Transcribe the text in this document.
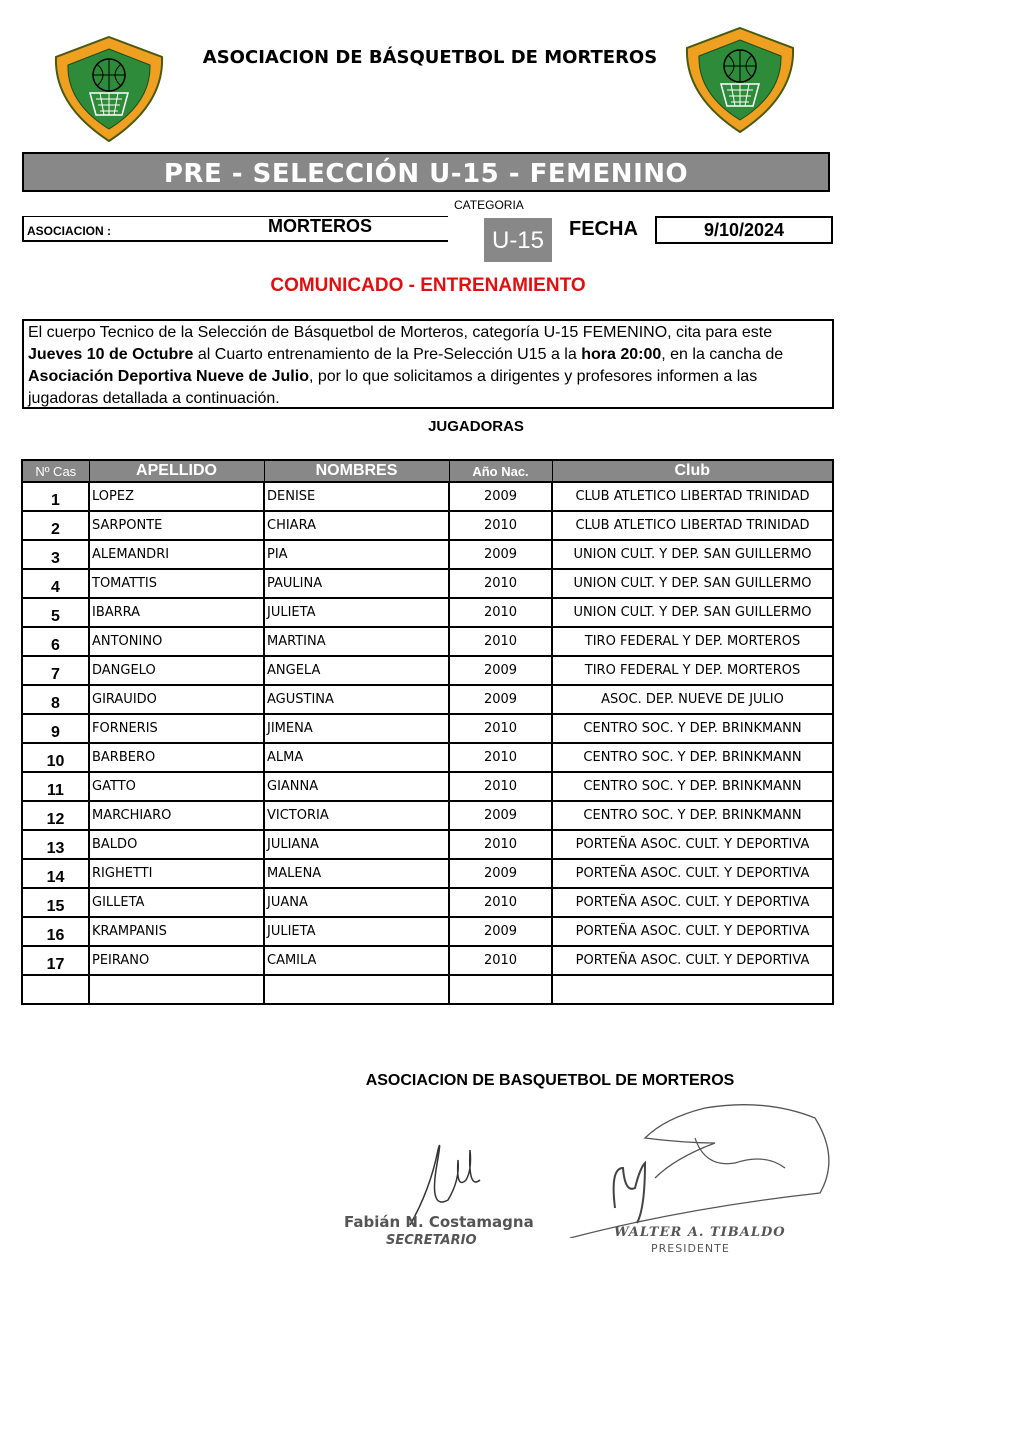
ASOCIACION DE BÁSQUETBOL DE MORTEROS
PRE - SELECCIÓN U-15 - FEMENINO
CATEGORIA
ASOCIACION :	MORTEROS
U-15	FECHA	9/10/2024
COMUNICADO - ENTRENAMIENTO
El cuerpo Tecnico de la Selección de Básquetbol de Morteros, categoría U-15 FEMENINO, cita para este Jueves 10 de Octubre al Cuarto entrenamiento de la Pre-Selección U15 a la hora 20:00, en la cancha de Asociación Deportiva Nueve de Julio, por lo que solicitamos a dirigentes y profesores informen a las jugadoras detallada a continuación.
JUGADORAS
Nº Cas	APELLIDO	NOMBRES	Año Nac.	Club
1	LOPEZ	DENISE	2009	CLUB ATLETICO LIBERTAD TRINIDAD
2	SARPONTE	CHIARA	2010	CLUB ATLETICO LIBERTAD TRINIDAD
3	ALEMANDRI	PIA	2009	UNION CULT. Y DEP. SAN GUILLERMO
4	TOMATTIS	PAULINA	2010	UNION CULT. Y DEP. SAN GUILLERMO
5	IBARRA	JULIETA	2010	UNION CULT. Y DEP. SAN GUILLERMO
6	ANTONINO	MARTINA	2010	TIRO FEDERAL Y DEP. MORTEROS
7	DANGELO	ANGELA	2009	TIRO FEDERAL Y DEP. MORTEROS
8	GIRAUIDO	AGUSTINA	2009	ASOC. DEP. NUEVE DE JULIO
9	FORNERIS	JIMENA	2010	CENTRO SOC. Y DEP. BRINKMANN
10	BARBERO	ALMA	2010	CENTRO SOC. Y DEP. BRINKMANN
11	GATTO	GIANNA	2010	CENTRO SOC. Y DEP. BRINKMANN
12	MARCHIARO	VICTORIA	2009	CENTRO SOC. Y DEP. BRINKMANN
13	BALDO	JULIANA	2010	PORTEÑA ASOC. CULT. Y DEPORTIVA
14	RIGHETTI	MALENA	2009	PORTEÑA ASOC. CULT. Y DEPORTIVA
15	GILLETA	JUANA	2010	PORTEÑA ASOC. CULT. Y DEPORTIVA
16	KRAMPANIS	JULIETA	2009	PORTEÑA ASOC. CULT. Y DEPORTIVA
17	PEIRANO	CAMILA	2010	PORTEÑA ASOC. CULT. Y DEPORTIVA

ASOCIACION DE BASQUETBOL DE MORTEROS
Fabián N. Costamagna
SECRETARIO
WALTER A. TIBALDO
PRESIDENTE
